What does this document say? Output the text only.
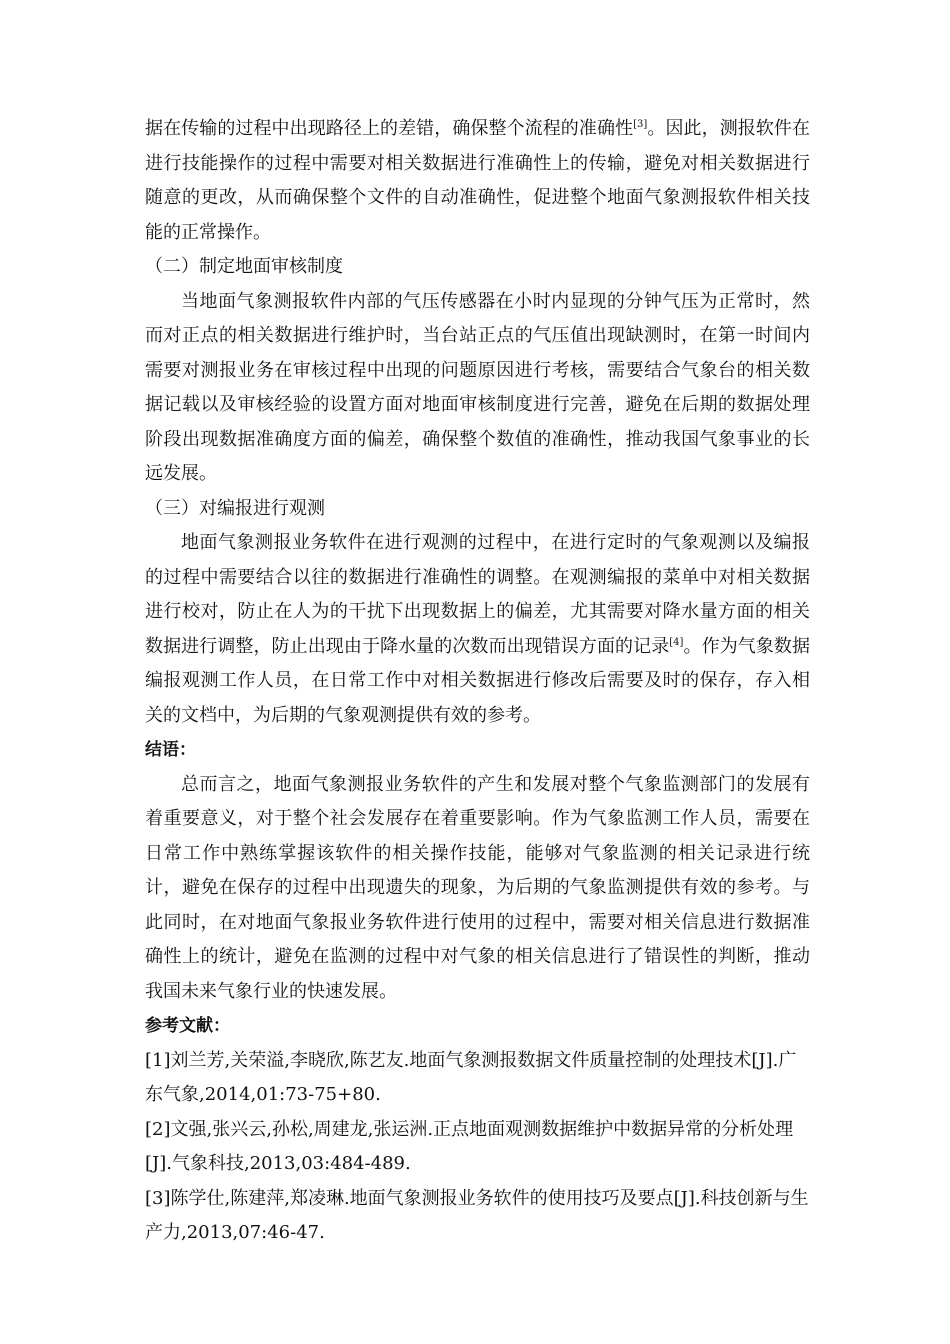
据在传输的过程中出现路径上的差错，确保整个流程的准确性[3]。因此，测报软件在进行技能操作的过程中需要对相关数据进行准确性上的传输，避免对相关数据进行随意的更改，从而确保整个文件的自动准确性，促进整个地面气象测报软件相关技能的正常操作。

（二）制定地面审核制度

当地面气象测报软件内部的气压传感器在小时内显现的分钟气压为正常时，然而对正点的相关数据进行维护时，当台站正点的气压值出现缺测时，在第一时间内需要对测报业务在审核过程中出现的问题原因进行考核，需要结合气象台的相关数据记载以及审核经验的设置方面对地面审核制度进行完善，避免在后期的数据处理阶段出现数据准确度方面的偏差，确保整个数值的准确性，推动我国气象事业的长远发展。

（三）对编报进行观测

地面气象测报业务软件在进行观测的过程中，在进行定时的气象观测以及编报的过程中需要结合以往的数据进行准确性的调整。在观测编报的菜单中对相关数据进行校对，防止在人为的干扰下出现数据上的偏差，尤其需要对降水量方面的相关数据进行调整，防止出现由于降水量的次数而出现错误方面的记录[4]。作为气象数据编报观测工作人员，在日常工作中对相关数据进行修改后需要及时的保存，存入相关的文档中，为后期的气象观测提供有效的参考。

结语：

总而言之，地面气象测报业务软件的产生和发展对整个气象监测部门的发展有着重要意义，对于整个社会发展存在着重要影响。作为气象监测工作人员，需要在日常工作中熟练掌握该软件的相关操作技能，能够对气象监测的相关记录进行统计，避免在保存的过程中出现遗失的现象，为后期的气象监测提供有效的参考。与此同时，在对地面气象报业务软件进行使用的过程中，需要对相关信息进行数据准确性上的统计，避免在监测的过程中对气象的相关信息进行了错误性的判断，推动我国未来气象行业的快速发展。

参考文献：

[1]刘兰芳,关荣溢,李晓欣,陈艺友.地面气象测报数据文件质量控制的处理技术[J].广东气象,2014,01:73-75+80.

[2]文强,张兴云,孙松,周建龙,张运洲.正点地面观测数据维护中数据异常的分析处理[J].气象科技,2013,03:484-489.

[3]陈学仕,陈建萍,郑凌琳.地面气象测报业务软件的使用技巧及要点[J].科技创新与生产力,2013,07:46-47.
